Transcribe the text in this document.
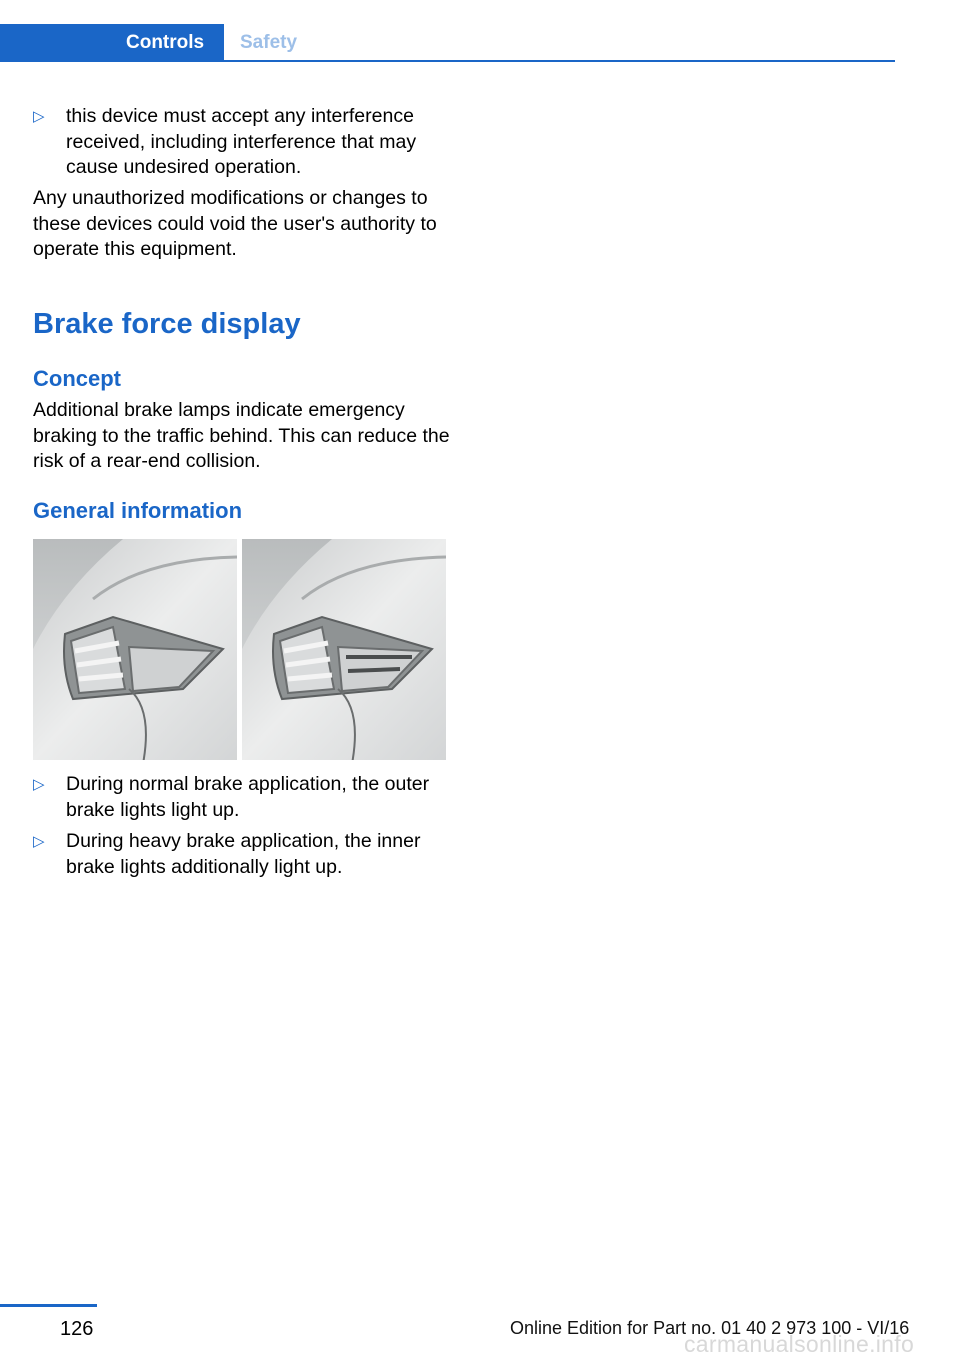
Controls Safety
▷ this device must accept any interference received, including interference that may cause undesired operation.
Any unauthorized modifications or changes to these devices could void the user's authority to operate this equipment.
Brake force display
Concept
Additional brake lamps indicate emergency braking to the traffic behind. This can reduce the risk of a rear-end collision.
General information
▷ During normal brake application, the outer brake lights light up.
▷ During heavy brake application, the inner brake lights additionally light up.
126	Online Edition for Part no. 01 40 2 973 100 - VI/16
carmanualsonline.info
